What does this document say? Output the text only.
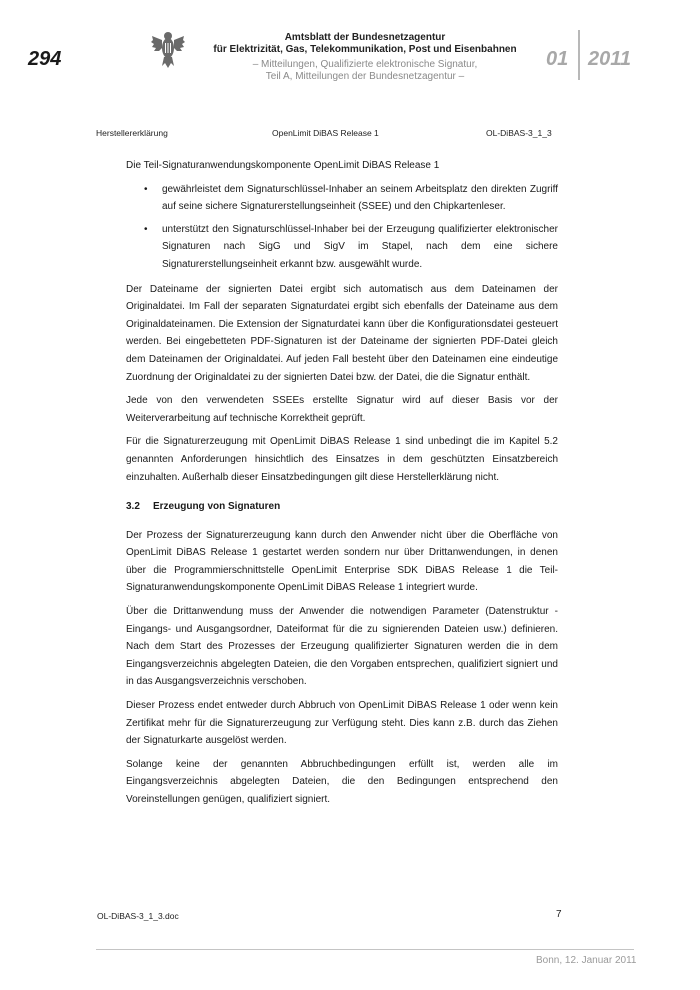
294
Amtsblatt der Bundesnetzagentur
für Elektrizität, Gas, Telekommunikation, Post und Eisenbahnen
– Mitteilungen, Qualifizierte elektronische Signatur,
Teil A, Mitteilungen der Bundesnetzagentur –
01 2011
Herstellererklärung	OpenLimit DiBAS Release 1	OL-DiBAS-3_1_3

Die Teil-Signaturanwendungskomponente OpenLimit DiBAS Release 1

• gewährleistet dem Signaturschlüssel-Inhaber an seinem Arbeitsplatz den direkten Zugriff auf seine sichere Signaturerstellungseinheit (SSEE) und den Chipkartenleser.
• unterstützt den Signaturschlüssel-Inhaber bei der Erzeugung qualifizierter elektronischer Signaturen nach SigG und SigV im Stapel, nach dem eine sichere Signaturerstellungseinheit erkannt bzw. ausgewählt wurde.

Der Dateiname der signierten Datei ergibt sich automatisch aus dem Dateinamen der Originaldatei. Im Fall der separaten Signaturdatei ergibt sich ebenfalls der Dateiname aus dem Originaldateinamen. Die Extension der Signaturdatei kann über die Konfigurationsdatei gesteuert werden. Bei eingebetteten PDF-Signaturen ist der Dateiname der signierten PDF-Datei gleich dem Dateinamen der Originaldatei. Auf jeden Fall besteht über den Dateinamen eine eindeutige Zuordnung der Originaldatei zu der signierten Datei bzw. der Datei, die die Signatur enthält.

Jede von den verwendeten SSEEs erstellte Signatur wird auf dieser Basis vor der Weiterverarbeitung auf technische Korrektheit geprüft.

Für die Signaturerzeugung mit OpenLimit DiBAS Release 1 sind unbedingt die im Kapitel 5.2 genannten Anforderungen hinsichtlich des Einsatzes in dem geschützten Einsatzbereich einzuhalten. Außerhalb dieser Einsatzbedingungen gilt diese Herstellerklärung nicht.

3.2 Erzeugung von Signaturen

Der Prozess der Signaturerzeugung kann durch den Anwender nicht über die Oberfläche von OpenLimit DiBAS Release 1 gestartet werden sondern nur über Drittanwendungen, in denen über die Programmierschnittstelle OpenLimit Enterprise SDK DiBAS Release 1 die Teil-Signaturanwendungskomponente OpenLimit DiBAS Release 1 integriert wurde.

Über die Drittanwendung muss der Anwender die notwendigen Parameter (Datenstruktur - Eingangs- und Ausgangsordner, Dateiformat für die zu signierenden Dateien usw.) definieren. Nach dem Start des Prozesses der Erzeugung qualifizierter Signaturen werden die in dem Eingangsverzeichnis abgelegten Dateien, die den Vorgaben entsprechen, qualifiziert signiert und in das Ausgangsverzeichnis verschoben.

Dieser Prozess endet entweder durch Abbruch von OpenLimit DiBAS Release 1 oder wenn kein Zertifikat mehr für die Signaturerzeugung zur Verfügung steht. Dies kann z.B. durch das Ziehen der Signaturkarte ausgelöst werden.

Solange keine der genannten Abbruchbedingungen erfüllt ist, werden alle im Eingangsverzeichnis abgelegten Dateien, die den Bedingungen entsprechend den Voreinstellungen genügen, qualifiziert signiert.

OL-DiBAS-3_1_3.doc	7
Bonn, 12. Januar 2011
